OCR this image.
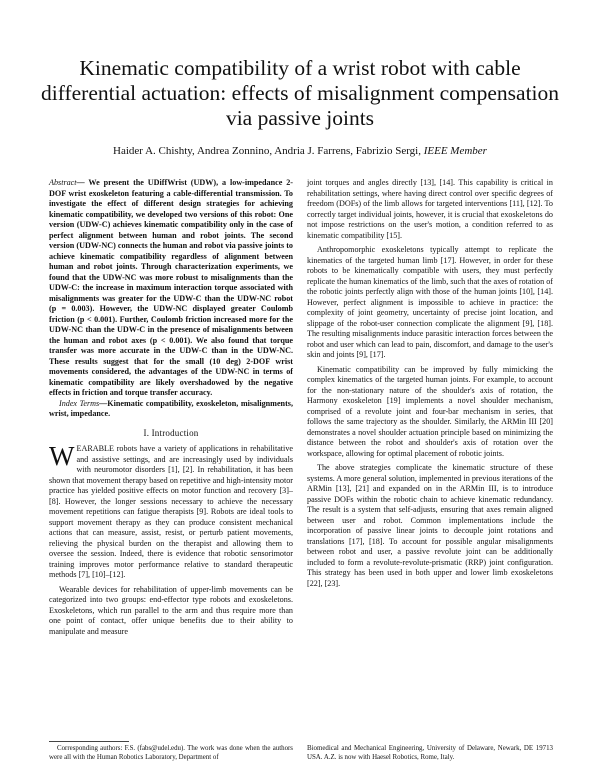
Kinematic compatibility of a wrist robot with cable differential actuation: effects of misalignment compensation via passive joints
Haider A. Chishty, Andrea Zonnino, Andria J. Farrens, Fabrizio Sergi, IEEE Member

Abstract— We present the UDiffWrist (UDW), a low-impedance 2-DOF wrist exoskeleton featuring a cable-differential transmission. To investigate the effect of different design strategies for achieving kinematic compatibility, we developed two versions of this robot: One version (UDW-C) achieves kinematic compatibility only in the case of perfect alignment between human and robot joints. The second version (UDW-NC) connects the human and robot via passive joints to achieve kinematic compatibility regardless of alignment between human and robot joints. Through characterization experiments, we found that the UDW-NC was more robust to misalignments than the UDW-C: the increase in maximum interaction torque associated with misalignments was greater for the UDW-C than the UDW-NC robot (p = 0.003). However, the UDW-NC displayed greater Coulomb friction (p < 0.001). Further, Coulomb friction increased more for the UDW-NC than the UDW-C in the presence of misalignments between the human and robot axes (p < 0.001). We also found that torque transfer was more accurate in the UDW-C than in the UDW-NC. These results suggest that for the small (10 deg) 2-DOF wrist movements considered, the advantages of the UDW-NC in terms of kinematic compatibility are likely overshadowed by the negative effects in friction and torque transfer accuracy.

Index Terms—Kinematic compatibility, exoskeleton, misalignments, wrist, impedance.

I. Introduction

WEARABLE robots have a variety of applications in rehabilitative and assistive settings, and are increasingly used by individuals with neuromotor disorders [1], [2]. In rehabilitation, it has been shown that movement therapy based on repetitive and high-intensity motor practice has yielded positive effects on motor function and recovery [3]–[8]. However, the longer sessions necessary to achieve the necessary movement repetitions can fatigue therapists [9]. Robots are ideal tools to support movement therapy as they can produce consistent mechanical actions that can measure, assist, resist, or perturb patient movements, relieving the physical burden on the therapist and allowing them to oversee the session. Indeed, there is evidence that robotic sensorimotor training improves motor performance relative to standard therapeutic methods [7], [10]–[12].

Wearable devices for rehabilitation of upper-limb movements can be categorized into two groups: end-effector type robots and exoskeletons. Exoskeletons, which run parallel to the arm and thus require more than one point of contact, offer unique benefits due to their ability to manipulate and measure

joint torques and angles directly [13], [14]. This capability is critical in rehabilitation settings, where having direct control over specific degrees of freedom (DOFs) of the limb allows for targeted interventions [11], [12]. To correctly target individual joints, however, it is crucial that exoskeletons do not impose restrictions on the user's motion, a condition referred to as kinematic compatibility [15].

Anthropomorphic exoskeletons typically attempt to replicate the kinematics of the targeted human limb [17]. However, in order for these robots to be kinematically compatible with users, they must perfectly replicate the human kinematics of the limb, such that the axes of rotation of the robotic joints perfectly align with those of the human joints [10], [14]. However, perfect alignment is impossible to achieve in practice: the complexity of joint geometry, uncertainty of precise joint location, and slippage of the robot-user connection complicate the alignment [9], [18]. The resulting misalignments induce parasitic interaction forces between the robot and user which can lead to pain, discomfort, and damage to the user's skin and joints [9], [17].

Kinematic compatibility can be improved by fully mimicking the complex kinematics of the targeted human joints. For example, to account for the non-stationary nature of the shoulder's axis of rotation, the Harmony exoskeleton [19] implements a novel shoulder mechanism, comprised of a revolute joint and four-bar mechanism in series, that follows the same trajectory as the shoulder. Similarly, the ARMin III [20] demonstrates a novel shoulder actuation principle based on minimizing the distance between the robot and shoulder's axis of rotation over the workspace, allowing for optimal placement of robotic joints.

The above strategies complicate the kinematic structure of these systems. A more general solution, implemented in previous iterations of the ARMin [13], [21] and expanded on in the ARMin III, is to introduce passive DOFs within the robotic chain to achieve kinematic redundancy. The result is a system that self-adjusts, ensuring that axes remain aligned between user and robot. Common implementations include the incorporation of passive linear joints to decouple joint rotations and translations [17], [18]. To account for possible angular misalignments between robot and user, a passive revolute joint can be additionally included to form a revolute-revolute-prismatic (RRP) joint configuration. This strategy has been used in both upper and lower limb exoskeletons [22], [23].

Corresponding authors: F.S. (fabs@udel.edu). The work was done when the authors were all with the Human Robotics Laboratory, Department of
Biomedical and Mechanical Engineering, University of Delaware, Newark, DE 19713 USA. A.Z. is now with Haesel Robotics, Rome, Italy.
